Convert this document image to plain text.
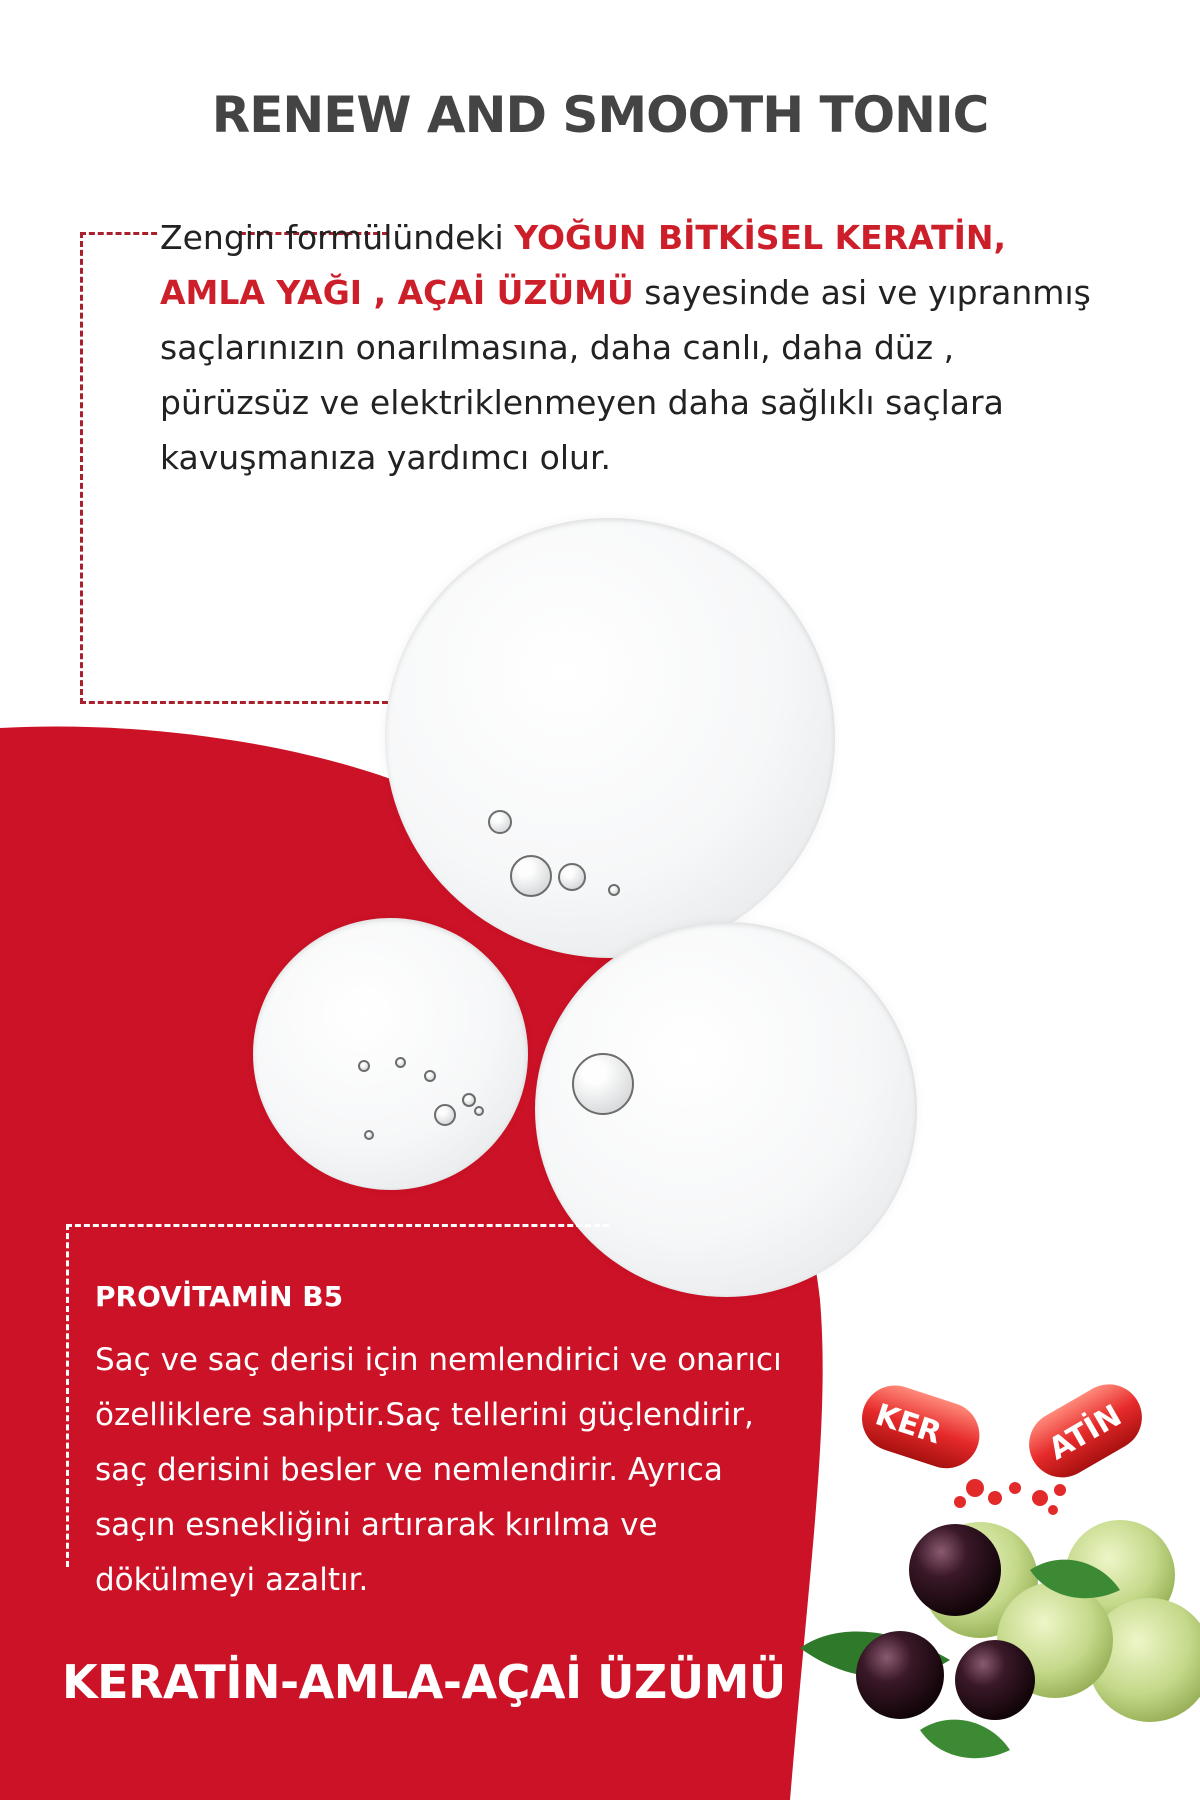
RENEW AND SMOOTH TONIC

Zengin formülündeki YOĞUN BİTKİSEL KERATİN, AMLA YAĞI , AÇAİ ÜZÜMÜ sayesinde asi ve yıpranmış saçlarınızın onarılmasına, daha canlı, daha düz , pürüzsüz ve elektriklenmeyen daha sağlıklı saçlara kavuşmanıza yardımcı olur.

PROVİTAMİN B5

Saç ve saç derisi için nemlendirici ve onarıcı özelliklere sahiptir.Saç tellerini güçlendirir, saç derisini besler ve nemlendirir. Ayrıca saçın esnekliğini artırarak kırılma ve dökülmeyi azaltır.

KER	ATİN
KERATİN-AMLA-AÇAİ ÜZÜMÜ
